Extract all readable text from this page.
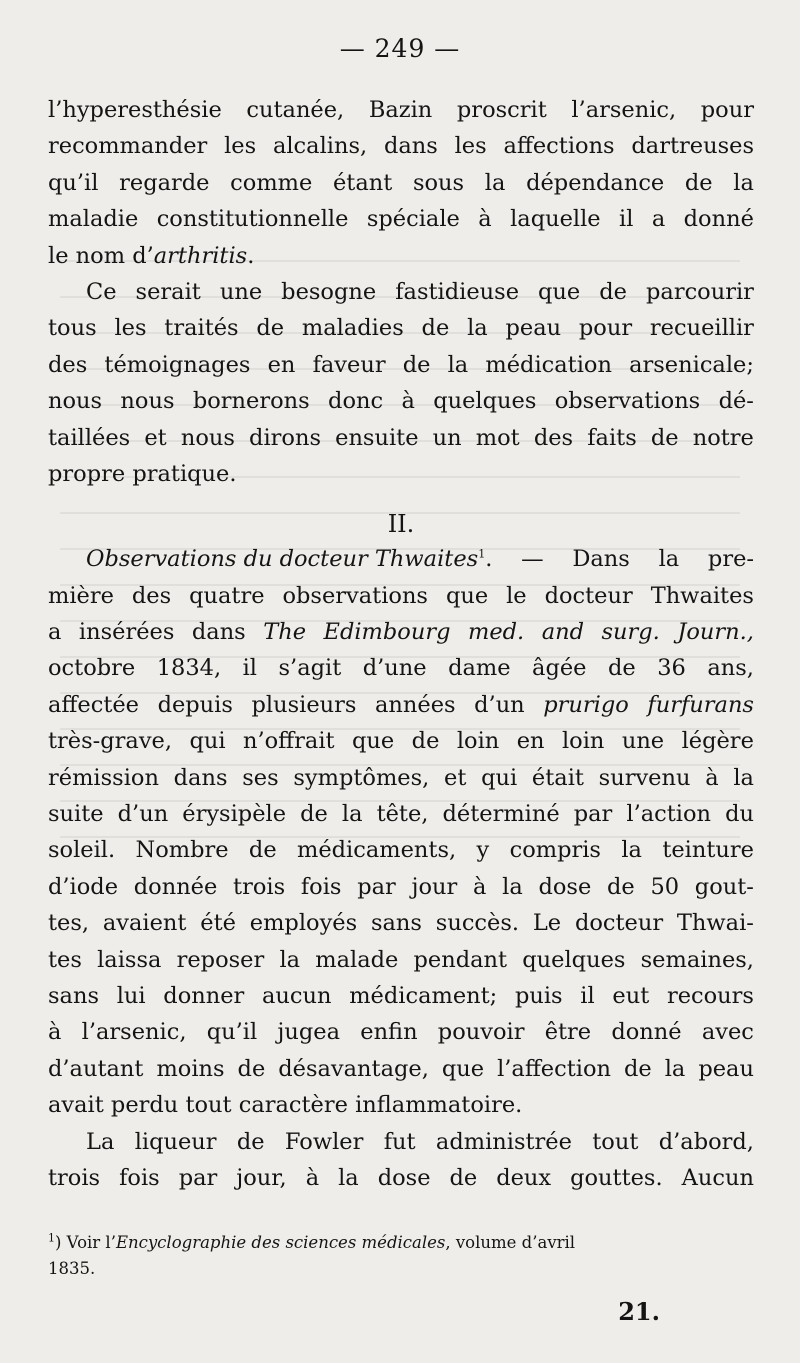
— 249 —
l’hyperesthésie cutanée, Bazin proscrit l’arsenic, pour
recommander les alcalins, dans les affections dartreuses
qu’il regarde comme étant sous la dépendance de la
maladie constitutionnelle spéciale à laquelle il a donné
le nom d’arthritis.
Ce serait une besogne fastidieuse que de parcourir
tous les traités de maladies de la peau pour recueillir
des témoignages en faveur de la médication arsenicale;
nous nous bornerons donc à quelques observations dé-
taillées et nous dirons ensuite un mot des faits de notre
propre pratique.
II.
Observations du docteur Thwaites$^1$. — Dans la pre-
mière des quatre observations que le docteur Thwaites
a insérées dans The Edimbourg med. and surg. Journ.,
octobre 1834, il s’agit d’une dame âgée de 36 ans,
affectée depuis plusieurs années d’un prurigo furfurans
très-grave, qui n’offrait que de loin en loin une légère
rémission dans ses symptômes, et qui était survenu à la
suite d’un érysipèle de la tête, déterminé par l’action du
soleil. Nombre de médicaments, y compris la teinture
d’iode donnée trois fois par jour à la dose de 50 gout-
tes, avaient été employés sans succès. Le docteur Thwai-
tes laissa reposer la malade pendant quelques semaines,
sans lui donner aucun médicament; puis il eut recours
à l’arsenic, qu’il jugea enfin pouvoir être donné avec
d’autant moins de désavantage, que l’affection de la peau
avait perdu tout caractère inflammatoire.
La liqueur de Fowler fut administrée tout d’abord,
trois fois par jour, à la dose de deux gouttes. Aucun
$^1$) Voir l’Encyclographie des sciences médicales, volume d’avril
1835.
21.
